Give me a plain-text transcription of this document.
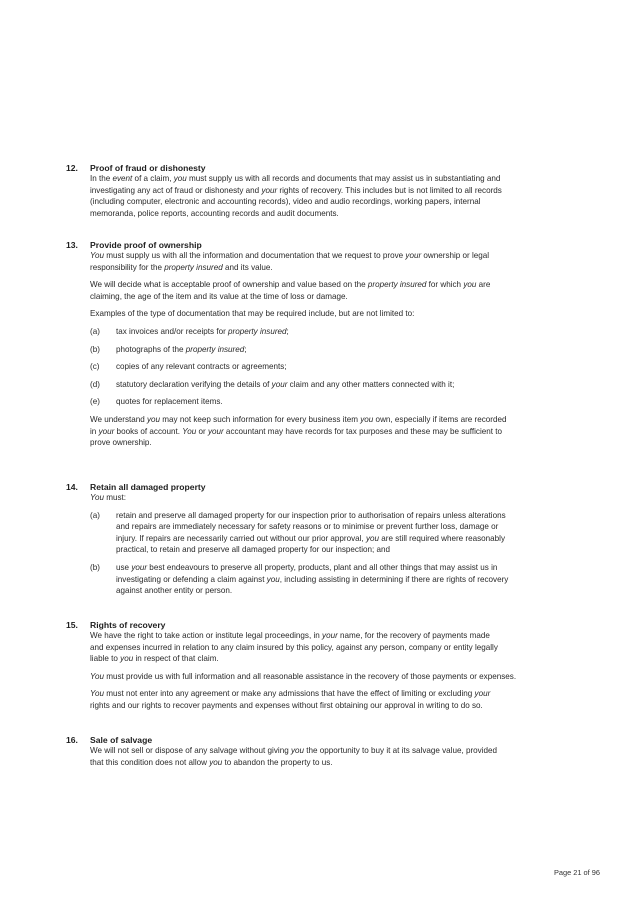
12. Proof of fraud or dishonesty
In the event of a claim, you must supply us with all records and documents that may assist us in substantiating and
investigating any act of fraud or dishonesty and your rights of recovery. This includes but is not limited to all records
(including computer, electronic and accounting records), video and audio recordings, working papers, internal
memoranda, police reports, accounting records and audit documents.
13. Provide proof of ownership
You must supply us with all the information and documentation that we request to prove your ownership or legal
responsibility for the property insured and its value.
We will decide what is acceptable proof of ownership and value based on the property insured for which you are
claiming, the age of the item and its value at the time of loss or damage.
Examples of the type of documentation that may be required include, but are not limited to:
(a) tax invoices and/or receipts for property insured;
(b) photographs of the property insured;
(c) copies of any relevant contracts or agreements;
(d) statutory declaration verifying the details of your claim and any other matters connected with it;
(e) quotes for replacement items.
We understand you may not keep such information for every business item you own, especially if items are recorded
in your books of account. You or your accountant may have records for tax purposes and these may be sufficient to
prove ownership.
14. Retain all damaged property
You must:
(a) retain and preserve all damaged property for our inspection prior to authorisation of repairs unless alterations
and repairs are immediately necessary for safety reasons or to minimise or prevent further loss, damage or
injury. If repairs are necessarily carried out without our prior approval, you are still required where reasonably
practical, to retain and preserve all damaged property for our inspection; and
(b) use your best endeavours to preserve all property, products, plant and all other things that may assist us in
investigating or defending a claim against you, including assisting in determining if there are rights of recovery
against another entity or person.
15. Rights of recovery
We have the right to take action or institute legal proceedings, in your name, for the recovery of payments made
and expenses incurred in relation to any claim insured by this policy, against any person, company or entity legally
liable to you in respect of that claim.
You must provide us with full information and all reasonable assistance in the recovery of those payments or expenses.
You must not enter into any agreement or make any admissions that have the effect of limiting or excluding your
rights and our rights to recover payments and expenses without first obtaining our approval in writing to do so.
16. Sale of salvage
We will not sell or dispose of any salvage without giving you the opportunity to buy it at its salvage value, provided
that this condition does not allow you to abandon the property to us.
Page 21 of 96
